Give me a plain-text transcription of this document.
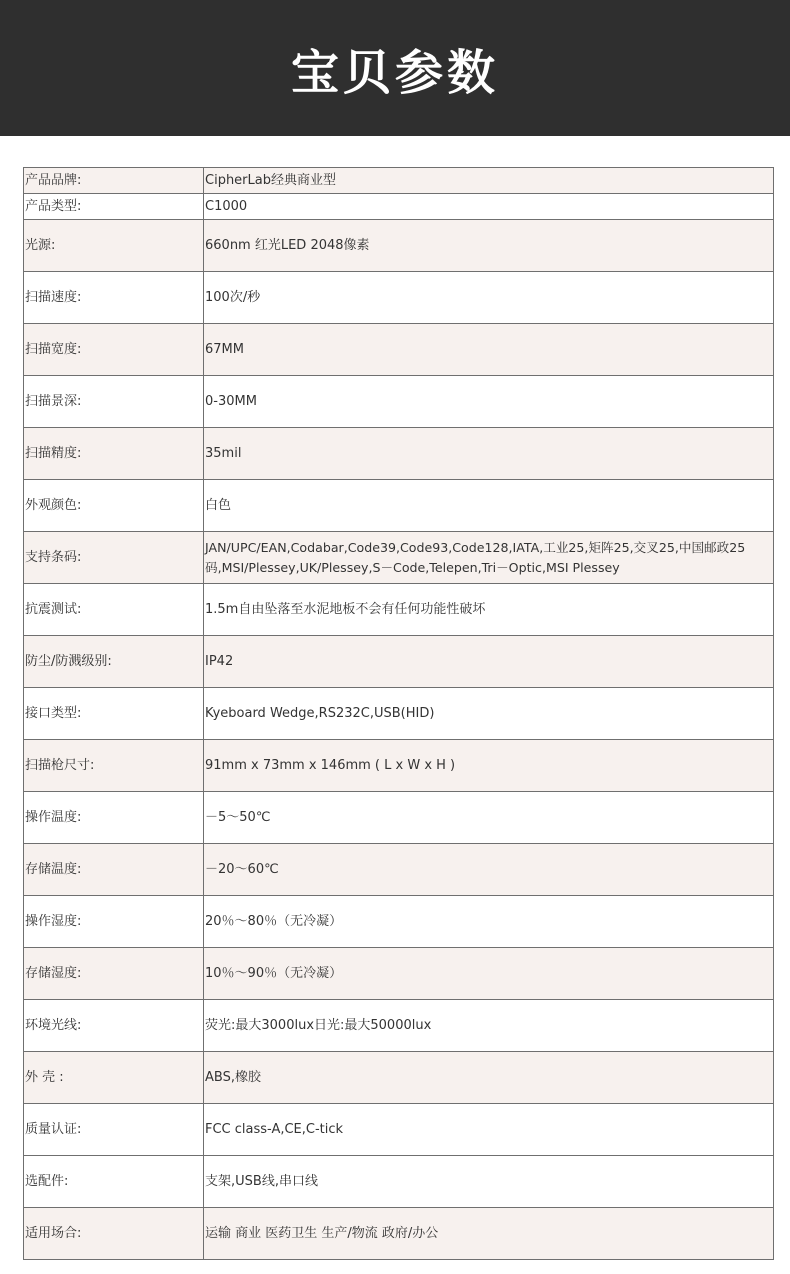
宝贝参数
产品品牌:	CipherLab经典商业型
产品类型:	C1000
光源:	660nm 红光LED 2048像素
扫描速度:	100次/秒
扫描宽度:	67MM
扫描景深:	0-30MM
扫描精度:	35mil
外观颜色:	白色
支持条码:	JAN/UPC/EAN,Codabar,Code39,Code93,Code128,IATA,工业25,矩阵25,交叉25,中国邮政25码,MSI/Plessey,UK/Plessey,S－Code,Telepen,Tri－Optic,MSI Plessey
抗震测试:	1.5m自由坠落至水泥地板不会有任何功能性破坏
防尘/防溅级别:	IP42
接口类型:	Kyeboard Wedge,RS232C,USB(HID)
扫描枪尺寸:	91mm x 73mm x 146mm ( L x W x H )
操作温度:	－5～50℃
存储温度:	－20～60℃
操作湿度:	20％～80％（无冷凝）
存储湿度:	10％～90％（无冷凝）
环境光线:	荧光:最大3000lux日光:最大50000lux
外 壳 :	ABS,橡胶
质量认证:	FCC class-A,CE,C-tick
选配件:	支架,USB线,串口线
适用场合:	运输 商业 医药卫生 生产/物流 政府/办公
